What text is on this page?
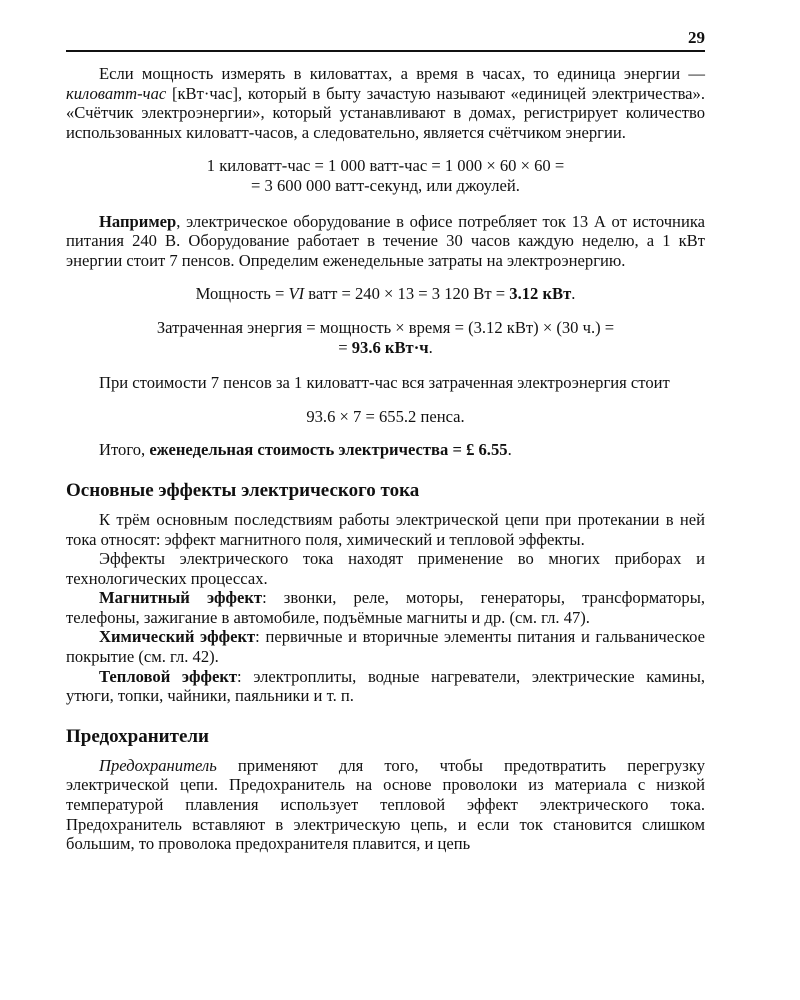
29

Если мощность измерять в киловаттах, а время в часах, то единица энергии — киловатт-час [кВт·час], который в быту зачастую называют «единицей электричества». «Счётчик электроэнергии», который устанавливают в домах, регистрирует количество использованных киловатт-часов, а следовательно, является счётчиком энергии.

1 киловатт-час = 1 000 ватт-час = 1 000 × 60 × 60 =

= 3 600 000 ватт-секунд, или джоулей.

Например, электрическое оборудование в офисе потребляет ток 13 А от источника питания 240 В. Оборудование работает в течение 30 часов каждую неделю, а 1 кВт энергии стоит 7 пенсов. Определим еженедельные затраты на электроэнергию.

Мощность = VI ватт = 240 × 13 = 3 120 Вт = 3.12 кВт.

Затраченная энергия = мощность × время = (3.12 кВт) × (30 ч.) =

= 93.6 кВт·ч.

При стоимости 7 пенсов за 1 киловатт-час вся затраченная электроэнергия стоит

93.6 × 7 = 655.2 пенса.

Итого, еженедельная стоимость электричества = £ 6.55.

Основные эффекты электрического тока

К трём основным последствиям работы электрической цепи при протекании в ней тока относят: эффект магнитного поля, химический и тепловой эффекты.

Эффекты электрического тока находят применение во многих приборах и технологических процессах.

Магнитный эффект: звонки, реле, моторы, генераторы, трансформаторы, телефоны, зажигание в автомобиле, подъёмные магниты и др. (см. гл. 47).

Химический эффект: первичные и вторичные элементы питания и гальваническое покрытие (см. гл. 42).

Тепловой эффект: электроплиты, водные нагреватели, электрические камины, утюги, топки, чайники, паяльники и т. п.

Предохранители

Предохранитель применяют для того, чтобы предотвратить перегрузку электрической цепи. Предохранитель на основе проволоки из материала с низкой температурой плавления использует тепловой эффект электрического тока. Предохранитель вставляют в электрическую цепь, и если ток становится слишком большим, то проволока предохранителя плавится, и цепь
